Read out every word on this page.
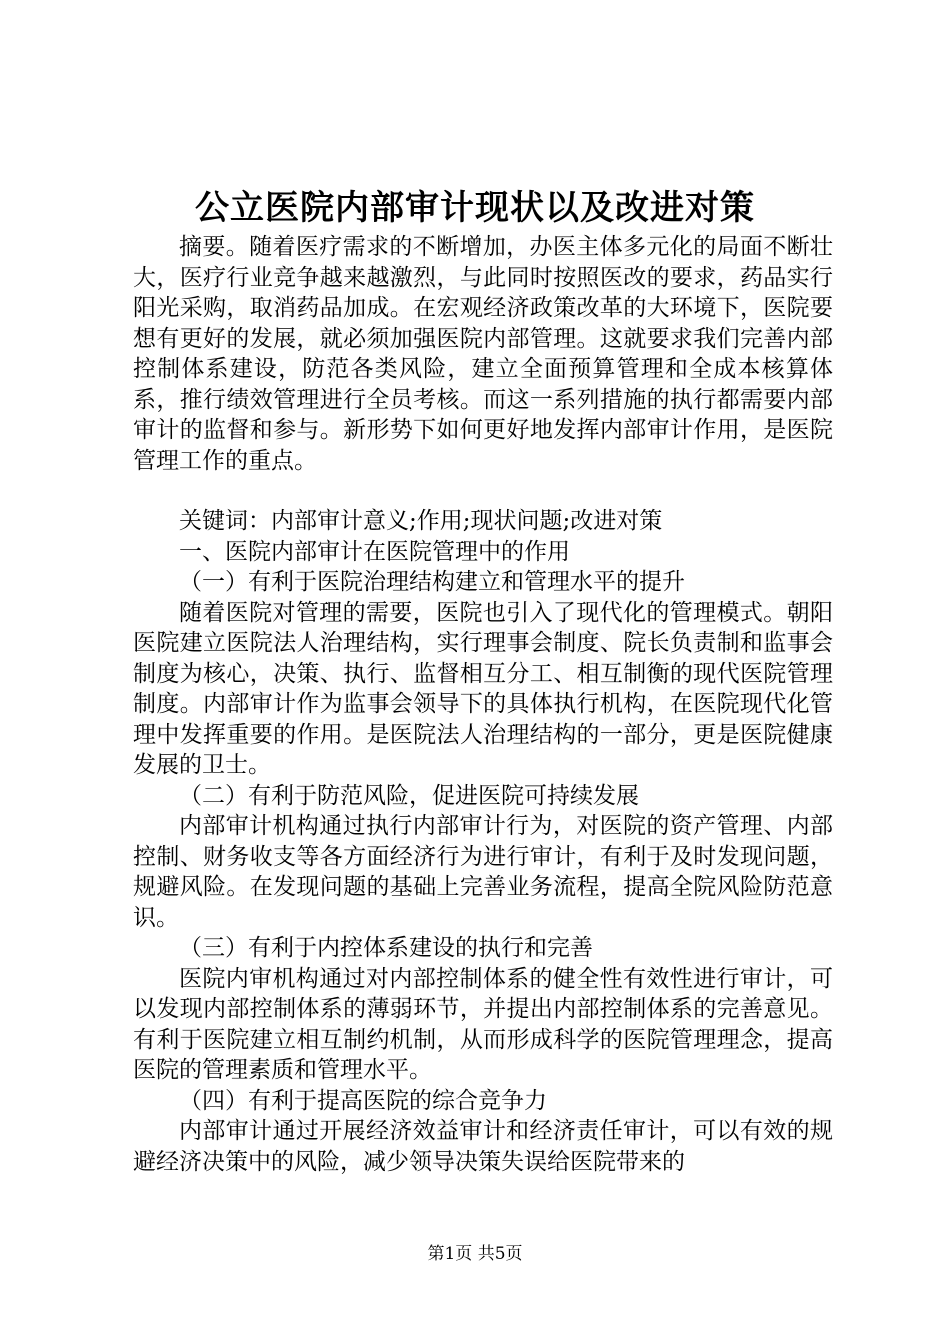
公立医院内部审计现状以及改进对策

摘要。随着医疗需求的不断增加，办医主体多元化的局面不断壮大，医疗行业竞争越来越激烈，与此同时按照医改的要求，药品实行阳光采购，取消药品加成。在宏观经济政策改革的大环境下，医院要想有更好的发展，就必须加强医院内部管理。这就要求我们完善内部控制体系建设，防范各类风险，建立全面预算管理和全成本核算体系，推行绩效管理进行全员考核。而这一系列措施的执行都需要内部审计的监督和参与。新形势下如何更好地发挥内部审计作用，是医院管理工作的重点。

关键词：内部审计意义;作用;现状问题;改进对策

一、医院内部审计在医院管理中的作用

（一）有利于医院治理结构建立和管理水平的提升

随着医院对管理的需要，医院也引入了现代化的管理模式。朝阳医院建立医院法人治理结构，实行理事会制度、院长负责制和监事会制度为核心，决策、执行、监督相互分工、相互制衡的现代医院管理制度。内部审计作为监事会领导下的具体执行机构，在医院现代化管理中发挥重要的作用。是医院法人治理结构的一部分，更是医院健康发展的卫士。

（二）有利于防范风险，促进医院可持续发展

内部审计机构通过执行内部审计行为，对医院的资产管理、内部控制、财务收支等各方面经济行为进行审计，有利于及时发现问题，规避风险。在发现问题的基础上完善业务流程，提高全院风险防范意识。

（三）有利于内控体系建设的执行和完善

医院内审机构通过对内部控制体系的健全性有效性进行审计，可以发现内部控制体系的薄弱环节，并提出内部控制体系的完善意见。有利于医院建立相互制约机制，从而形成科学的医院管理理念，提高医院的管理素质和管理水平。

（四）有利于提高医院的综合竞争力

内部审计通过开展经济效益审计和经济责任审计，可以有效的规避经济决策中的风险，减少领导决策失误给医院带来的

第1页 共5页
